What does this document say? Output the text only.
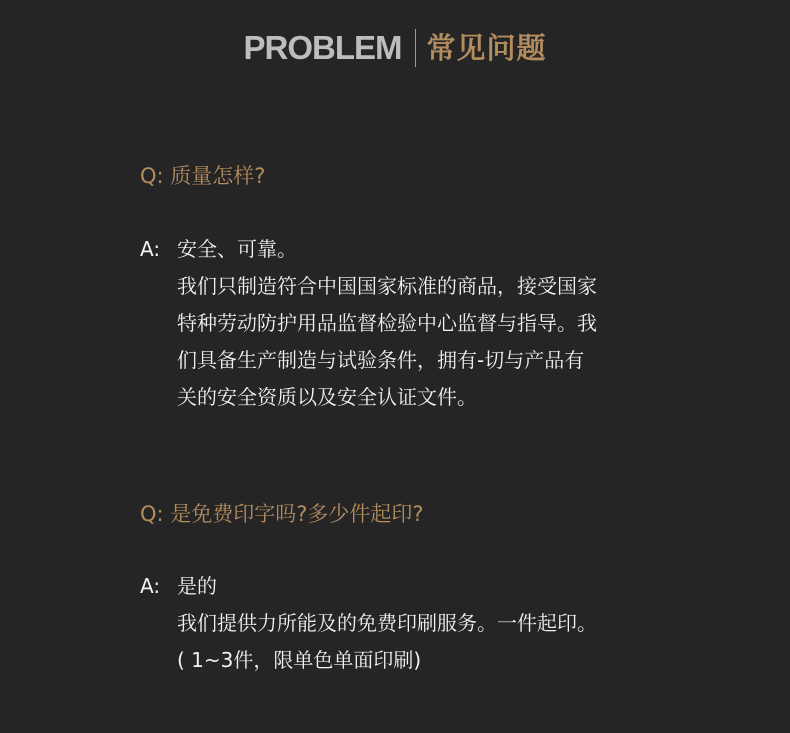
PROBLEM 常见问题
Q: 质量怎样?
A: 安全、可靠。
我们只制造符合中国国家标准的商品，接受国家
特种劳动防护用品监督检验中心监督与指导。我
们具备生产制造与试验条件，拥有-切与产品有
关的安全资质以及安全认证文件。
Q: 是免费印字吗?多少件起印?
A: 是的
我们提供力所能及的免费印刷服务。一件起印。
( 1~3件，限单色单面印刷)
